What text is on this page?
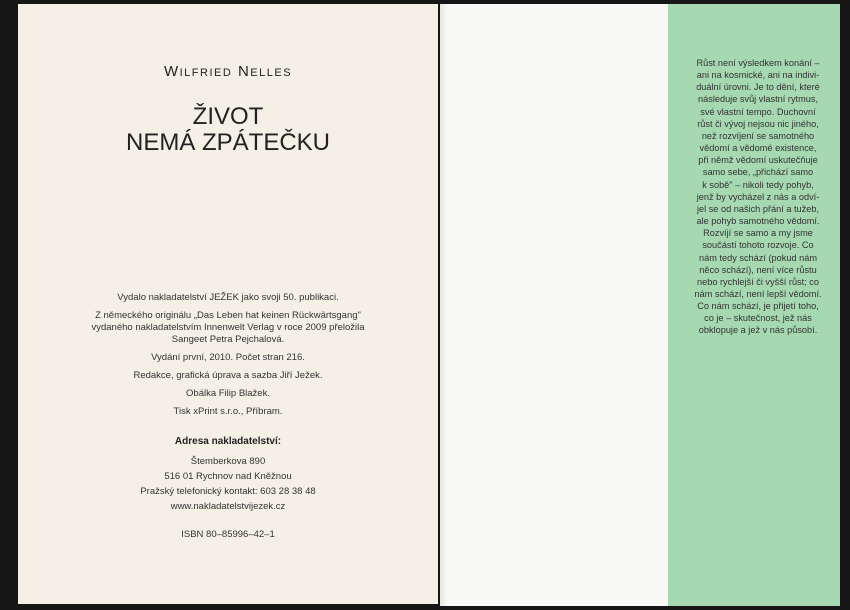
Wilfried Nelles
ŽIVOT
NEMÁ ZPÁTEČKU
Vydalo nakladatelství JEŽEK jako svoji 50. publikaci.
Z německého originálu „Das Leben hat keinen Rückwärtsgang" vydaného nakladatelstvím Innenwelt Verlag v roce 2009 přeložila Sangeet Petra Pejchalová.
Vydání první, 2010. Počet stran 216.
Redakce, grafická úprava a sazba Jiří Ježek.
Obálka Filip Blažek.
Tisk xPrint s.r.o., Příbram.
Adresa nakladatelství:
Štemberkova 890
516 01 Rychnov nad Kněžnou
Pražský telefonický kontakt: 603 28 38 48
www.nakladatelstvijezek.cz
ISBN 80–85996–42–1
Růst není výsledkem konání –
ani na kosmické, ani na indivi-
duální úrovni. Je to dění, které
následuje svůj vlastní rytmus,
své vlastní tempo. Duchovní
růst či vývoj nejsou nic jiného,
než rozvíjení se samotného
vědomí a vědomé existence,
při němž vědomí uskutečňuje
samo sebe, „přichází samo
k sobě" – nikoli tedy pohyb,
jenž by vycházel z nás a odví-
jel se od našich přání a tužeb,
ale pohyb samotného vědomí.
Rozvíjí se samo a my jsme
součástí tohoto rozvoje. Co
nám tedy schází (pokud nám
něco schází), není více růstu
nebo rychlejší či vyšší růst; co
nám schází, není lepší vědomí.
Co nám schází, je přijetí toho,
co je – skutečnost, jež nás
obklopuje a jež v nás působí.
